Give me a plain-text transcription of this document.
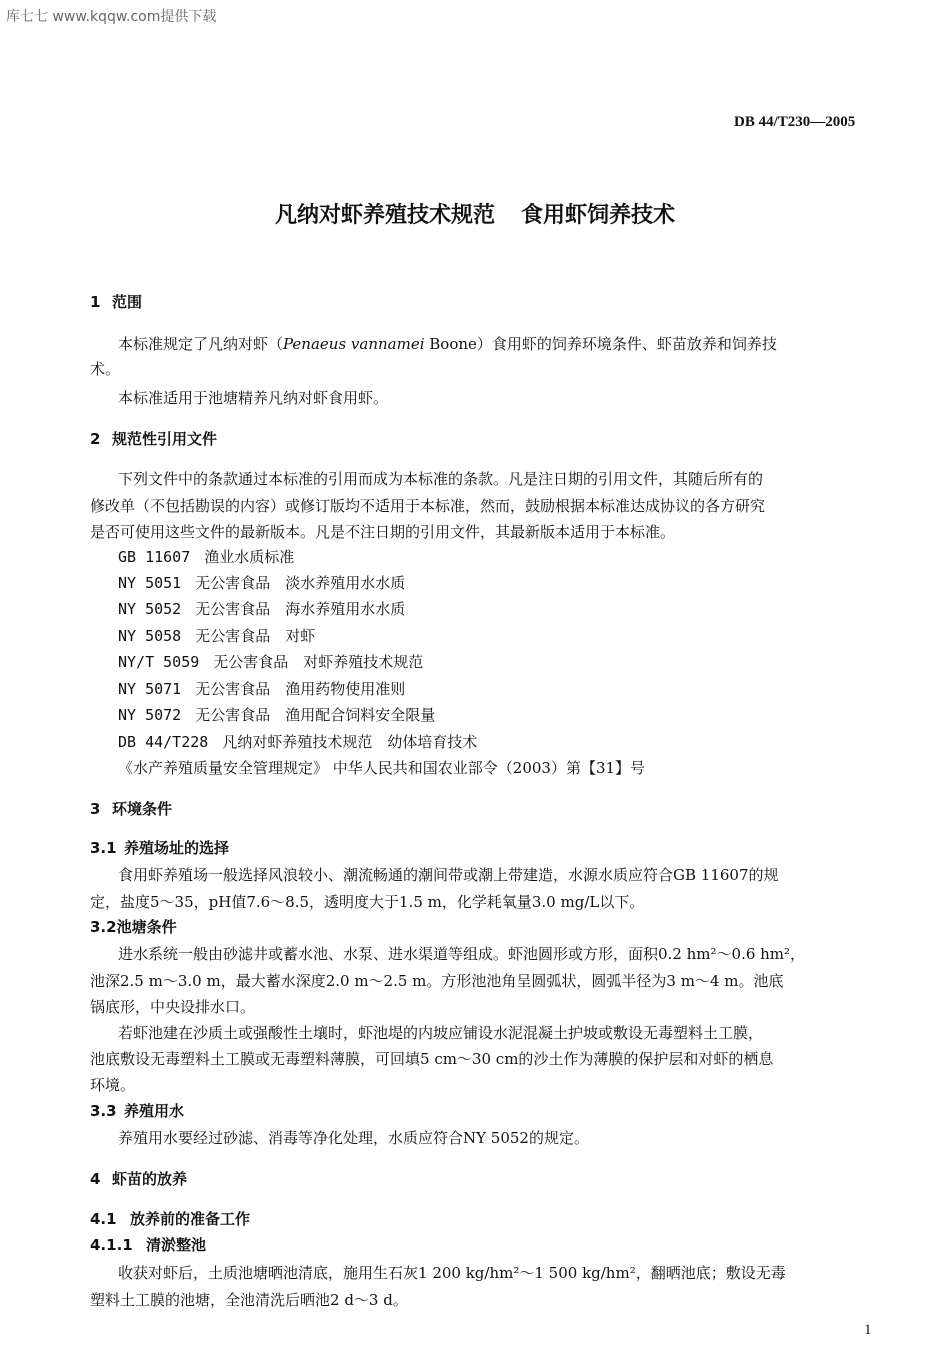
库七七 www.kqqw.com提供下载
DB 44/T230—2005
凡纳对虾养殖技术规范 食用虾饲养技术
1 范围
本标准规定了凡纳对虾（Penaeus vannamei Boone）食用虾的饲养环境条件、虾苗放养和饲养技
术。
本标准适用于池塘精养凡纳对虾食用虾。
2 规范性引用文件
下列文件中的条款通过本标准的引用而成为本标准的条款。凡是注日期的引用文件，其随后所有的
修改单（不包括勘误的内容）或修订版均不适用于本标准，然而，鼓励根据本标准达成协议的各方研究
是否可使用这些文件的最新版本。凡是不注日期的引用文件，其最新版本适用于本标准。
GB 11607 渔业水质标准
NY 5051 无公害食品　淡水养殖用水水质
NY 5052 无公害食品　海水养殖用水水质
NY 5058 无公害食品　对虾
NY/T 5059 无公害食品　对虾养殖技术规范
NY 5071 无公害食品　渔用药物使用准则
NY 5072 无公害食品　渔用配合饲料安全限量
DB 44/T228 凡纳对虾养殖技术规范　幼体培育技术
《水产养殖质量安全管理规定》 中华人民共和国农业部令（2003）第【31】号
3 环境条件
3.1 养殖场址的选择
食用虾养殖场一般选择风浪较小、潮流畅通的潮间带或潮上带建造，水源水质应符合GB 11607的规
定，盐度5～35，pH值7.6～8.5，透明度大于1.5 m，化学耗氧量3.0 mg/L以下。
3.2池塘条件
进水系统一般由砂滤井或蓄水池、水泵、进水渠道等组成。虾池圆形或方形，面积0.2 hm²～0.6 hm²，
池深2.5 m～3.0 m，最大蓄水深度2.0 m～2.5 m。方形池池角呈圆弧状，圆弧半径为3 m～4 m。池底
锅底形，中央设排水口。
若虾池建在沙质土或强酸性土壤时，虾池堤的内坡应铺设水泥混凝土护坡或敷设无毒塑料土工膜，
池底敷设无毒塑料土工膜或无毒塑料薄膜，可回填5 cm～30 cm的沙土作为薄膜的保护层和对虾的栖息
环境。
3.3 养殖用水
养殖用水要经过砂滤、消毒等净化处理，水质应符合NY 5052的规定。
4 虾苗的放养
4.1 放养前的准备工作
4.1.1 清淤整池
收获对虾后，土质池塘晒池清底，施用生石灰1 200 kg/hm²～1 500 kg/hm²，翻晒池底；敷设无毒
塑料土工膜的池塘，全池清洗后晒池2 d～3 d。
1
